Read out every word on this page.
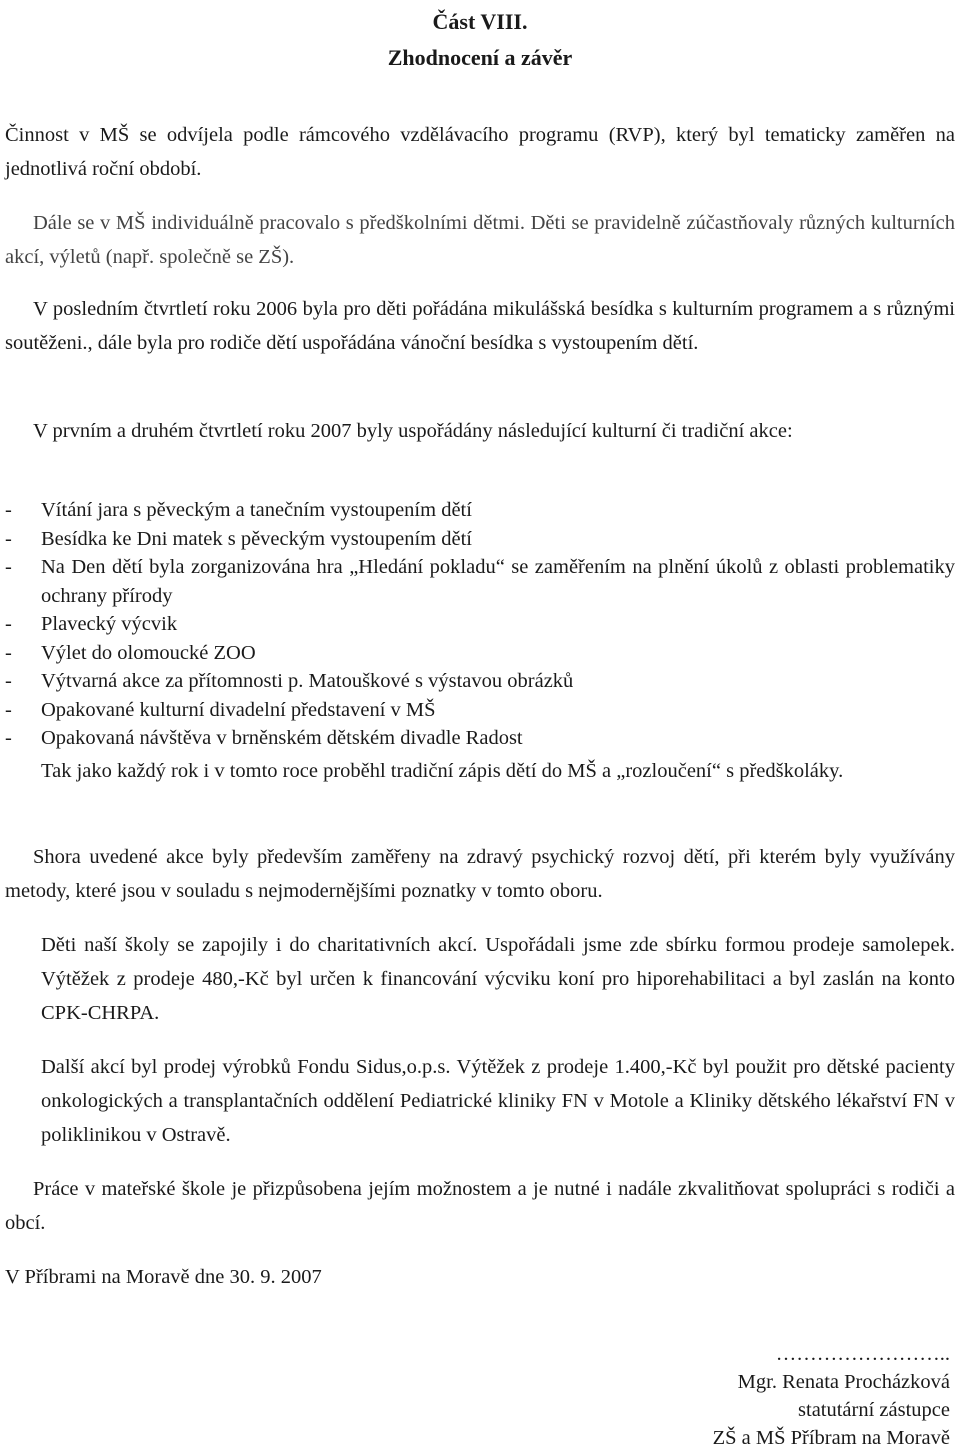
Část VIII.

Zhodnocení a závěr

Činnost v MŠ se odvíjela podle rámcového vzdělávacího programu (RVP), který byl tematicky zaměřen na jednotlivá roční období.

Dále se v MŠ individuálně pracovalo s předškolními dětmi. Děti se pravidelně zúčastňovaly různých kulturních akcí, výletů (např. společně se ZŠ).

V posledním čtvrtletí roku 2006 byla pro děti pořádána mikulášská besídka s kulturním programem a s různými soutěženi., dále byla pro rodiče dětí uspořádána vánoční besídka s vystoupením dětí.

V prvním a druhém čtvrtletí roku 2007 byly uspořádány následující kulturní či tradiční akce:

- Vítání jara s pěveckým a tanečním vystoupením dětí
- Besídka ke Dni matek s pěveckým vystoupením dětí
- Na Den dětí byla zorganizována hra „Hledání pokladu“ se zaměřením na plnění úkolů z oblasti problematiky ochrany přírody
- Plavecký výcvik
- Výlet do olomoucké ZOO
- Výtvarná akce za přítomnosti p. Matouškové s výstavou obrázků
- Opakované kulturní divadelní představení v MŠ
- Opakovaná návštěva v brněnském dětském divadle Radost

Tak jako každý rok i v tomto roce proběhl tradiční zápis dětí do MŠ a „rozloučení“ s předškoláky.

Shora uvedené akce byly především zaměřeny na zdravý psychický rozvoj dětí, při kterém byly využívány metody, které jsou v souladu s nejmodernějšími poznatky v tomto oboru.

Děti naší školy se zapojily i do charitativních akcí. Uspořádali jsme zde sbírku formou prodeje samolepek. Výtěžek z prodeje 480,-Kč byl určen k financování výcviku koní pro hiporehabilitaci a byl zaslán na konto CPK-CHRPA.

Další akcí byl prodej výrobků Fondu Sidus,o.p.s. Výtěžek z prodeje 1.400,-Kč byl použit pro dětské pacienty onkologických a transplantačních oddělení Pediatrické kliniky FN v Motole a Kliniky dětského lékařství FN v poliklinikou v Ostravě.

Práce v mateřské škole je přizpůsobena jejím možnostem a je nutné i nadále zkvalitňovat spolupráci s rodiči a obcí.

V Příbrami na Moravě dne 30. 9. 2007

……………………..
Mgr. Renata Procházková
statutární zástupce
ZŠ a MŠ Příbram na Moravě
